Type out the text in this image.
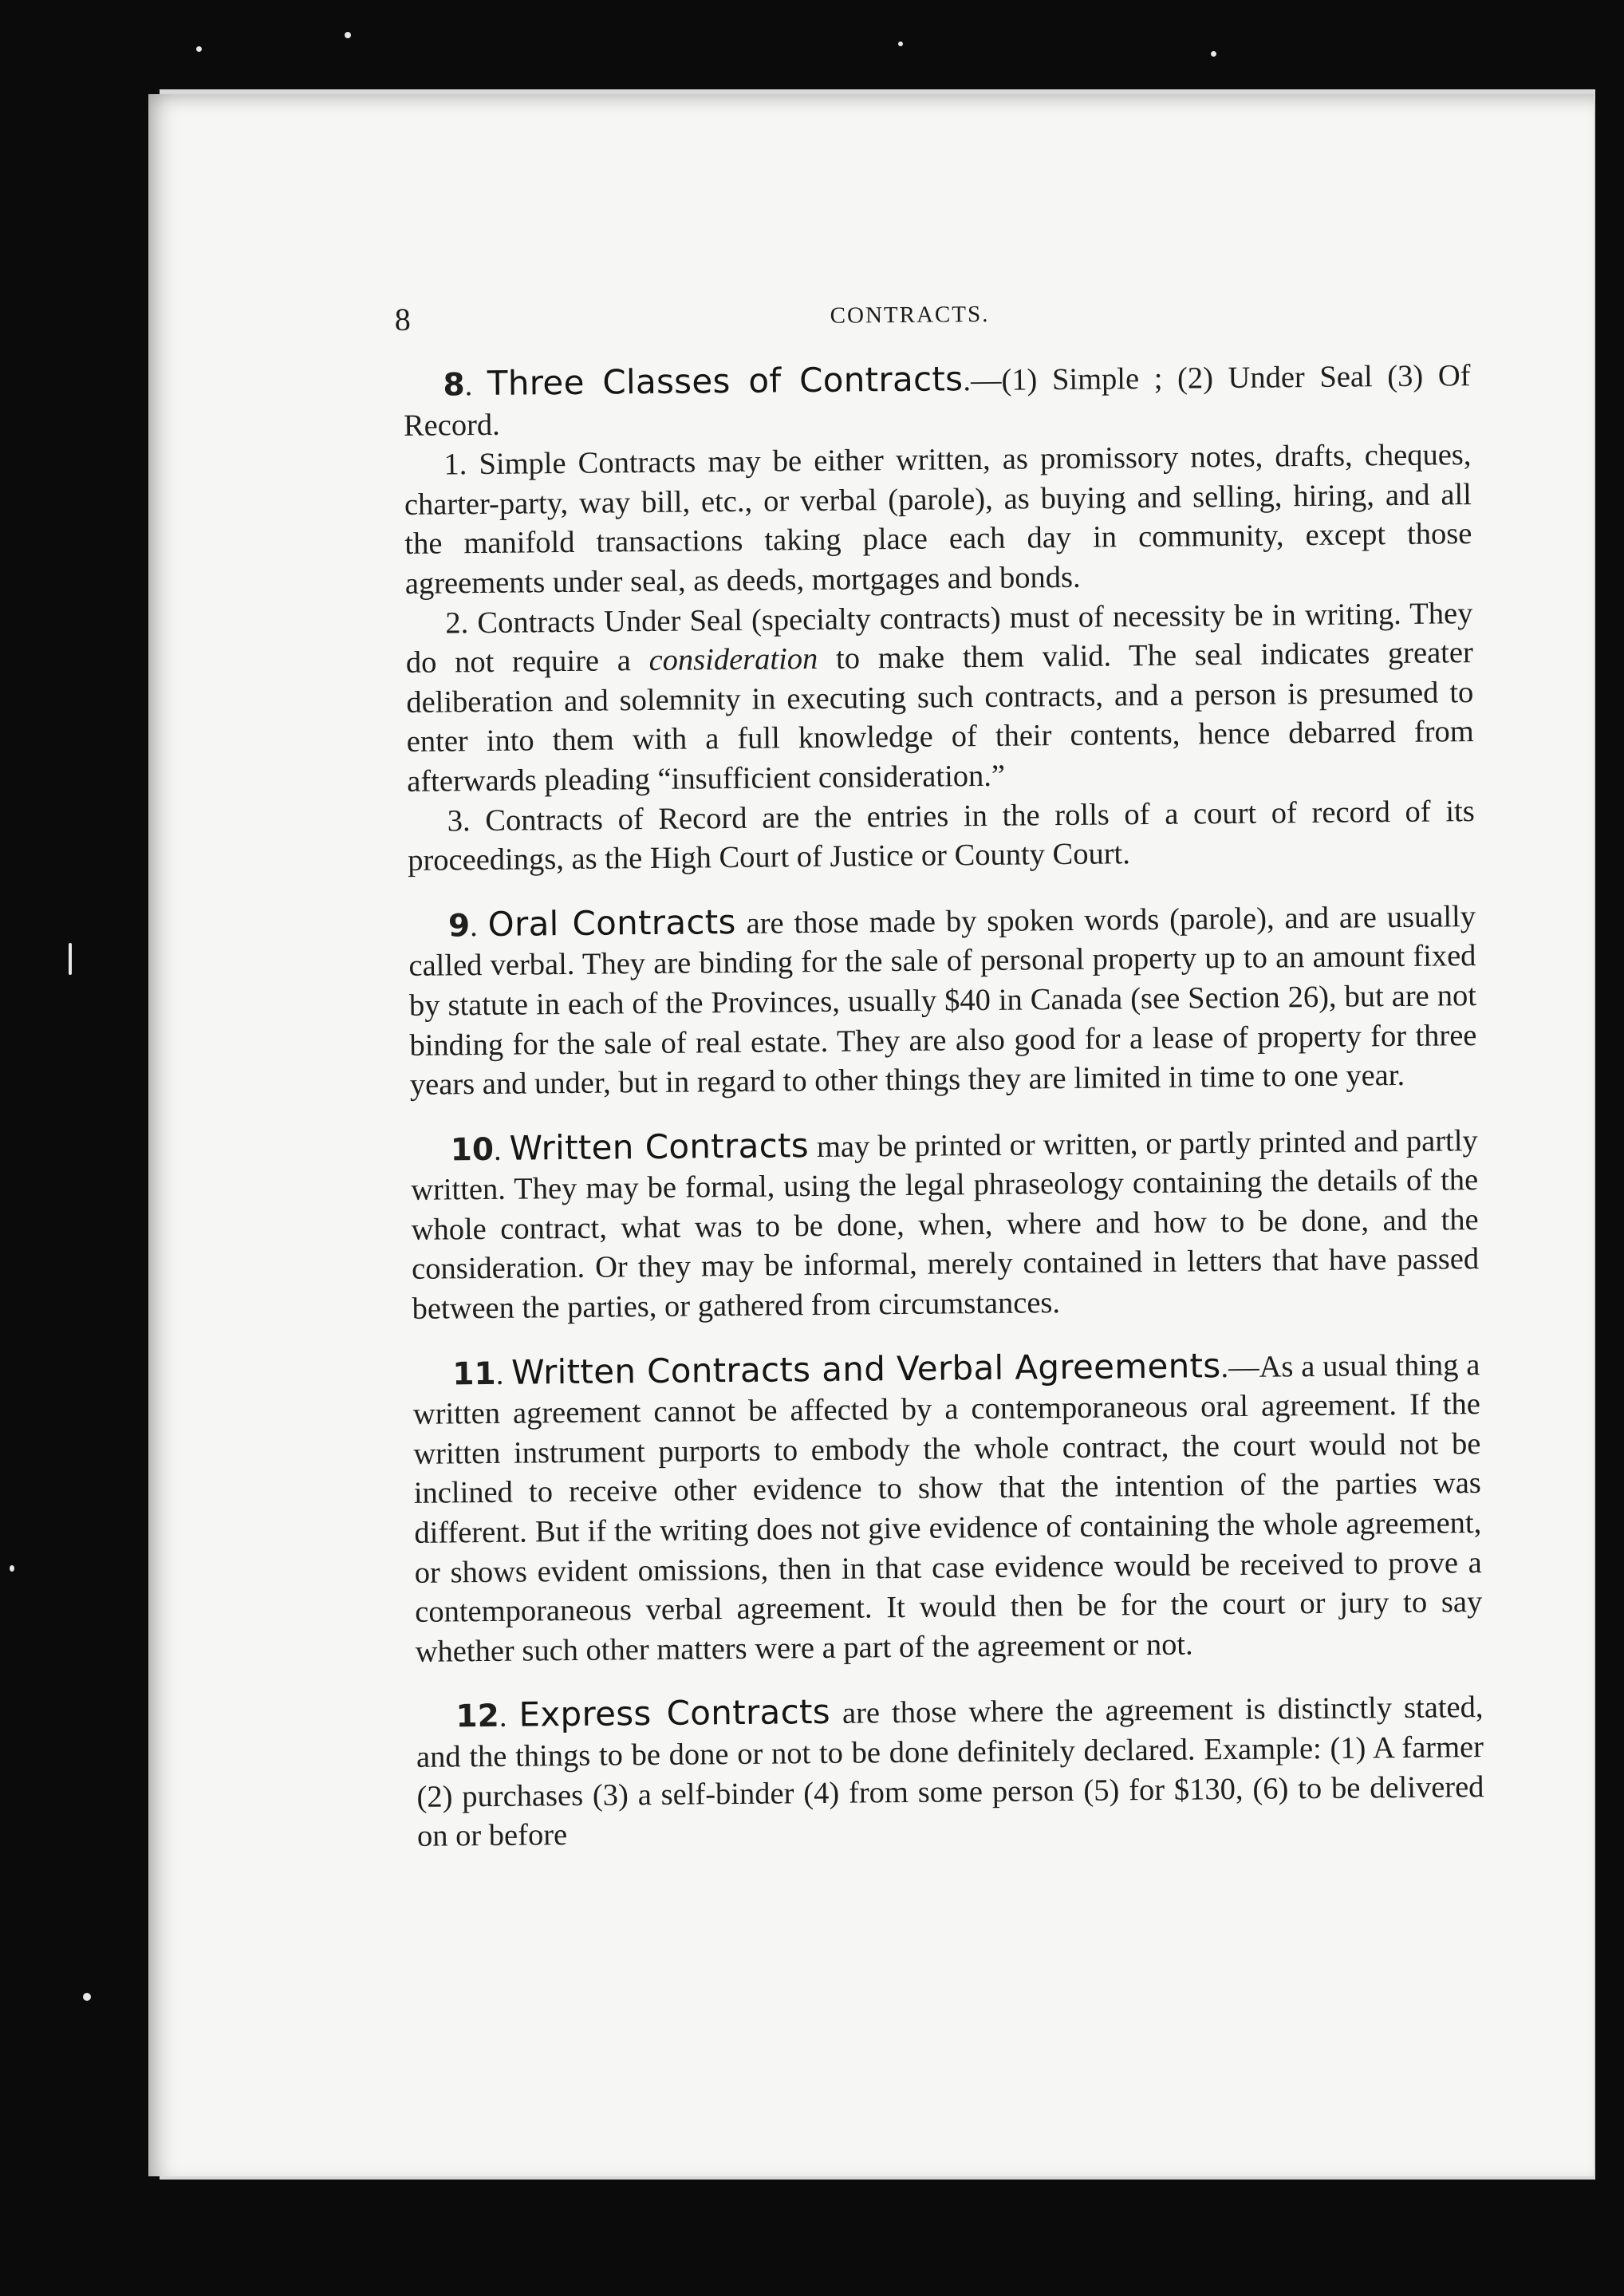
8	CONTRACTS.

8. Three Classes of Contracts.—(1) Simple ; (2) Under Seal (3) Of Record.

1. Simple Contracts may be either written, as promissory notes, drafts, cheques, charter-party, way bill, etc., or verbal (parole), as buying and selling, hiring, and all the manifold transactions taking place each day in community, except those agreements under seal, as deeds, mortgages and bonds.

2. Contracts Under Seal (specialty contracts) must of necessity be in writing. They do not require a consideration to make them valid. The seal indicates greater deliberation and solemnity in executing such contracts, and a person is presumed to enter into them with a full knowledge of their contents, hence debarred from afterwards pleading “insufficient consideration.”

3. Contracts of Record are the entries in the rolls of a court of record of its proceedings, as the High Court of Justice or County Court.

9. Oral Contracts are those made by spoken words (parole), and are usually called verbal. They are binding for the sale of personal property up to an amount fixed by statute in each of the Provinces, usually $40 in Canada (see Section 26), but are not binding for the sale of real estate. They are also good for a lease of property for three years and under, but in regard to other things they are limited in time to one year.

10. Written Contracts may be printed or written, or partly printed and partly written. They may be formal, using the legal phraseology containing the details of the whole contract, what was to be done, when, where and how to be done, and the consideration. Or they may be informal, merely contained in letters that have passed between the parties, or gathered from circumstances.

11. Written Contracts and Verbal Agreements.—As a usual thing a written agreement cannot be affected by a contemporaneous oral agreement. If the written instrument purports to embody the whole contract, the court would not be inclined to receive other evidence to show that the intention of the parties was different. But if the writing does not give evidence of containing the whole agreement, or shows evident omissions, then in that case evidence would be received to prove a contemporaneous verbal agreement. It would then be for the court or jury to say whether such other matters were a part of the agreement or not.

12. Express Contracts are those where the agreement is distinctly stated, and the things to be done or not to be done definitely declared. Example: (1) A farmer (2) purchases (3) a self-binder (4) from some person (5) for $130, (6) to be delivered on or before
